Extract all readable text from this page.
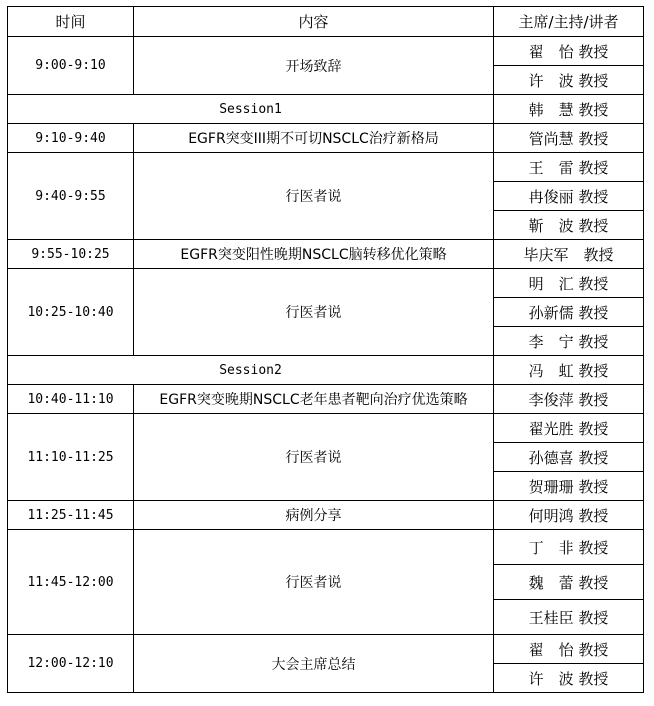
时间	内容	主席/主持/讲者
9:00-9:10	开场致辞	翟　怡 教授
		许　波 教授
Session1		韩　慧 教授
9:10-9:40	EGFR突变III期不可切NSCLC治疗新格局	管尚慧 教授
9:40-9:55	行医者说	王　雷 教授
		冉俊丽 教授
		靳　波 教授
9:55-10:25	EGFR突变阳性晚期NSCLC脑转移优化策略	毕庆军　教授
10:25-10:40	行医者说	明　汇 教授
		孙新儒 教授
		李　宁 教授
Session2		冯　虹 教授
10:40-11:10	EGFR突变晚期NSCLC老年患者靶向治疗优选策略	李俊萍 教授
11:10-11:25	行医者说	翟光胜 教授
		孙德喜 教授
		贺珊珊 教授
11:25-11:45	病例分享	何明鸿 教授
11:45-12:00	行医者说	丁　非 教授
		魏　蕾 教授
		王桂臣 教授
12:00-12:10	大会主席总结	翟　怡 教授
		许　波 教授
